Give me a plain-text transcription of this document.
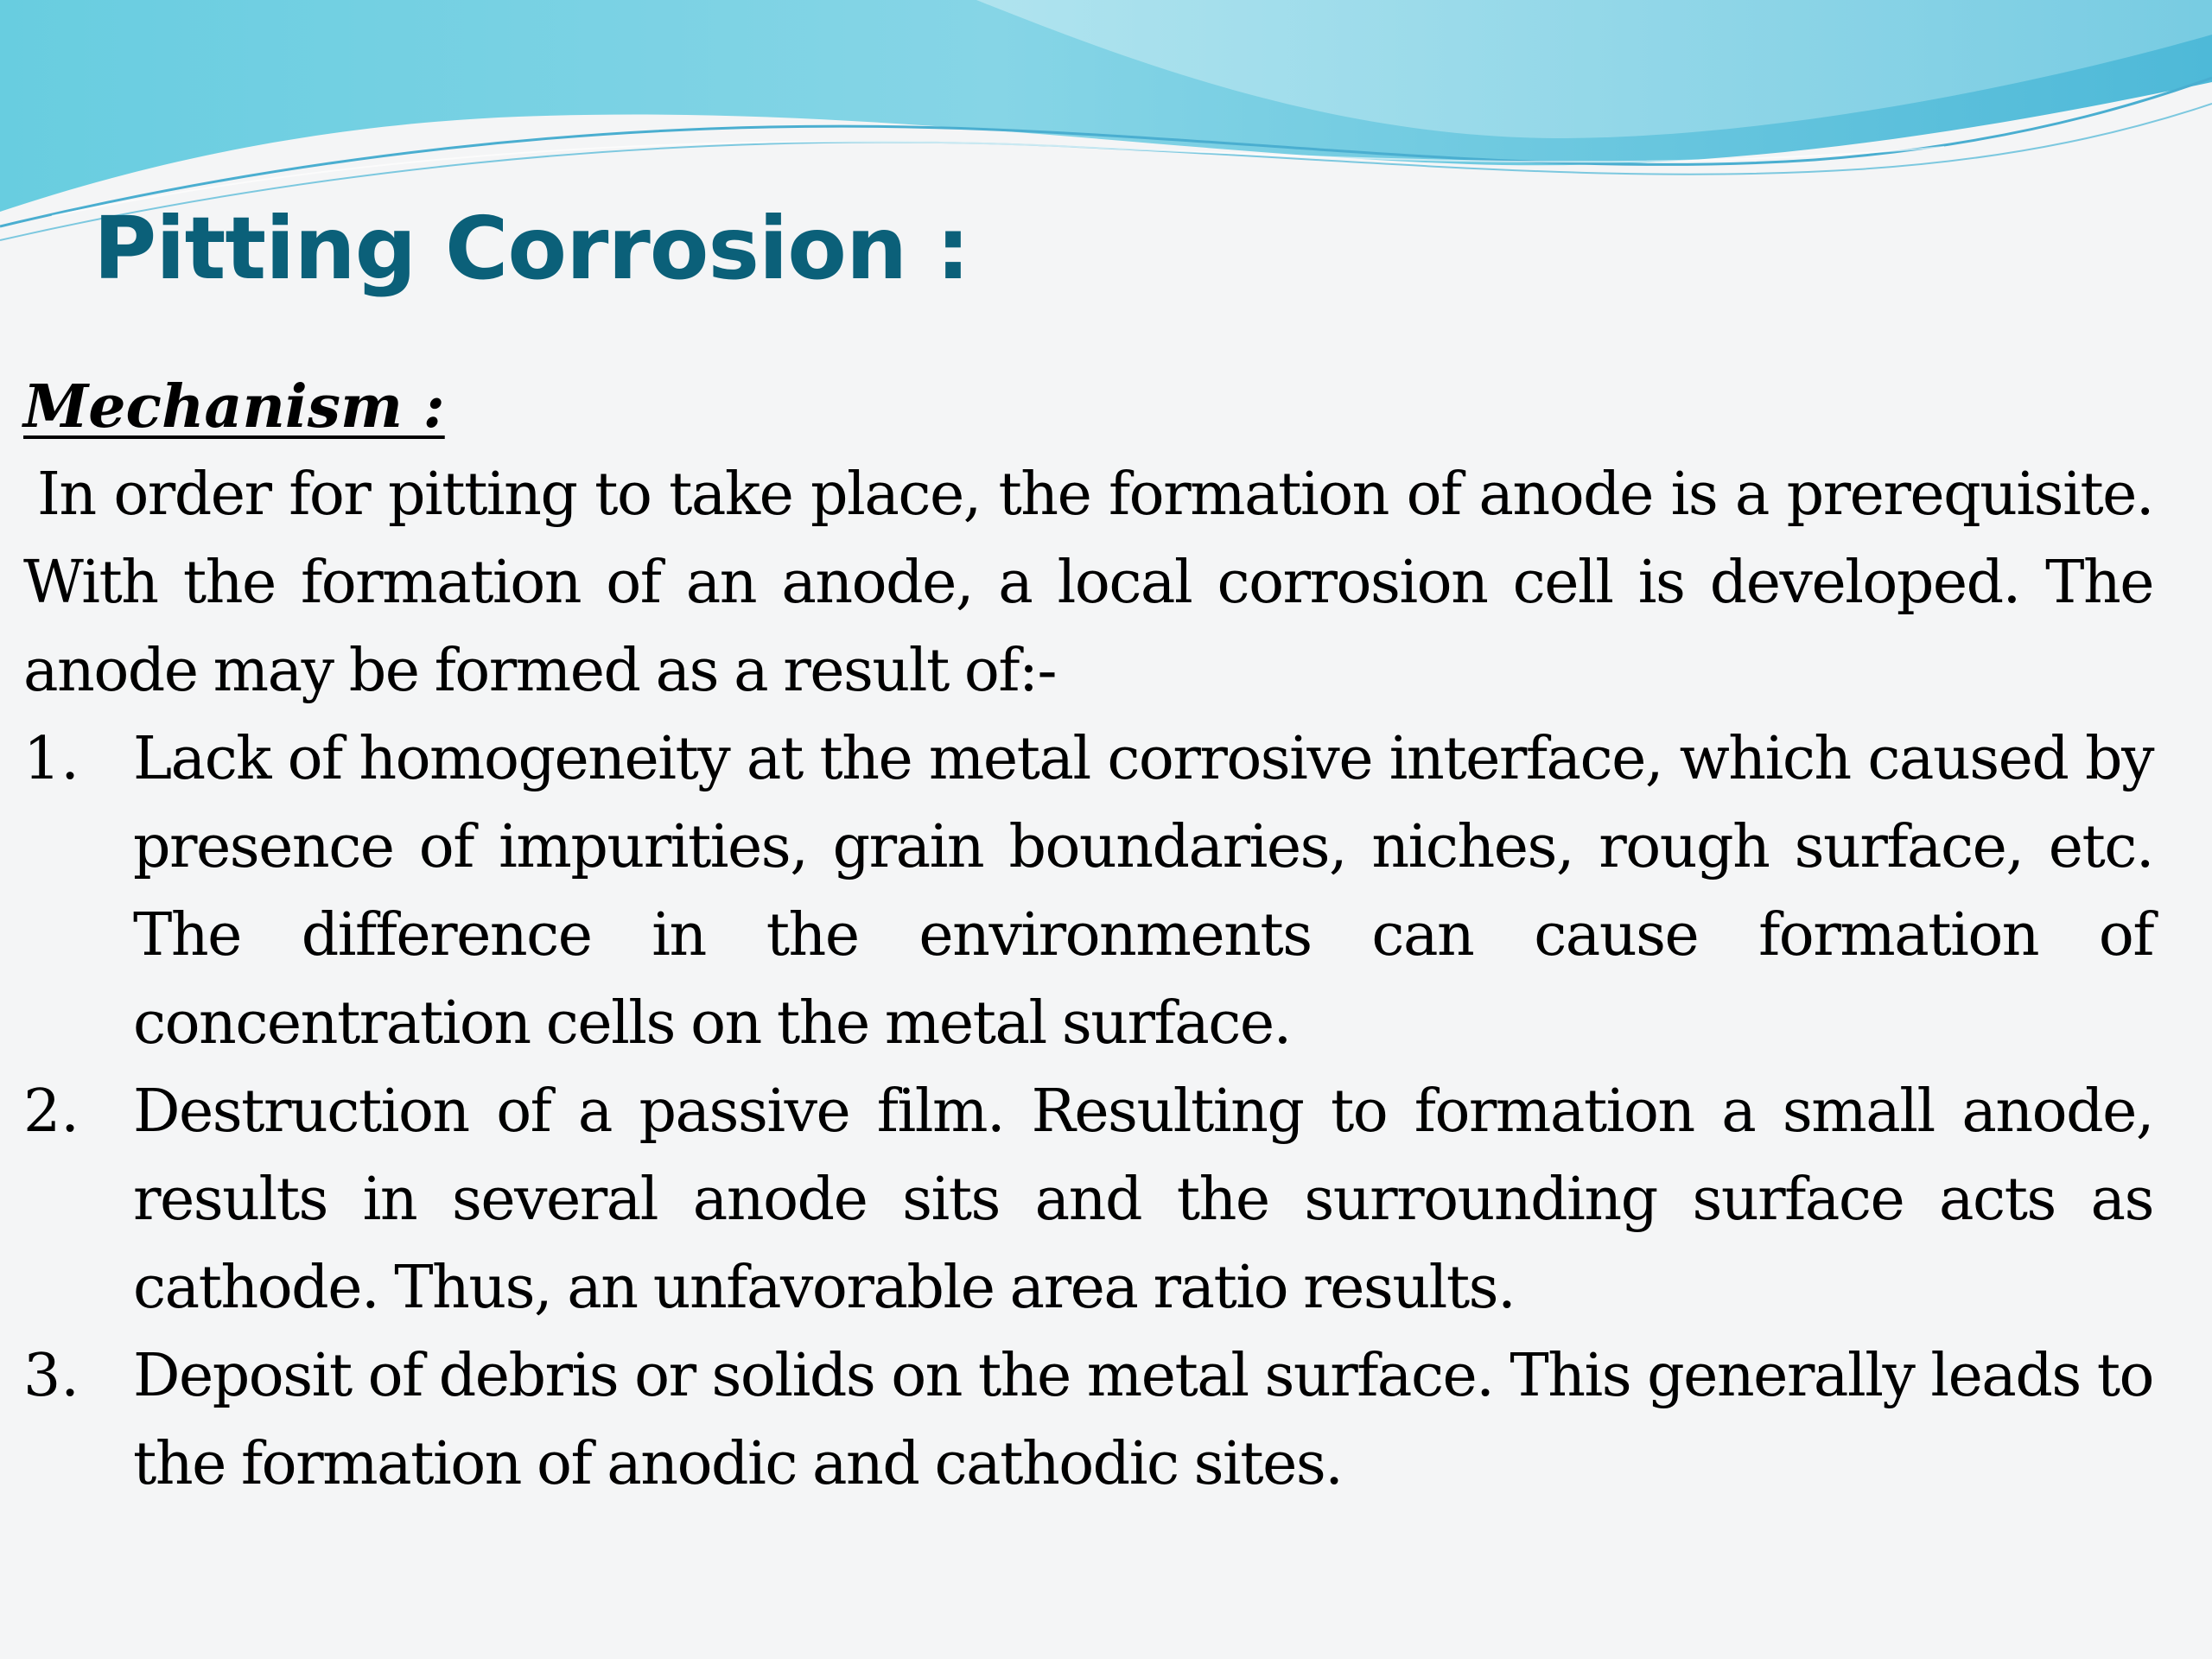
Pitting Corrosion :

Mechanism :

In order for pitting to take place, the formation of anode is a prerequisite. With the formation of an anode, a local corrosion cell is developed. The anode may be formed as a result of:-

1. Lack of homogeneity at the metal corrosive interface, which caused by presence of impurities, grain boundaries, niches, rough surface, etc. The difference in the environments can cause formation of concentration cells on the metal surface.
2. Destruction of a passive film. Resulting to formation a small anode, results in several anode sits and the surrounding surface acts as cathode. Thus, an unfavorable area ratio results.
3. Deposit of debris or solids on the metal surface. This generally leads to the formation of anodic and cathodic sites.
